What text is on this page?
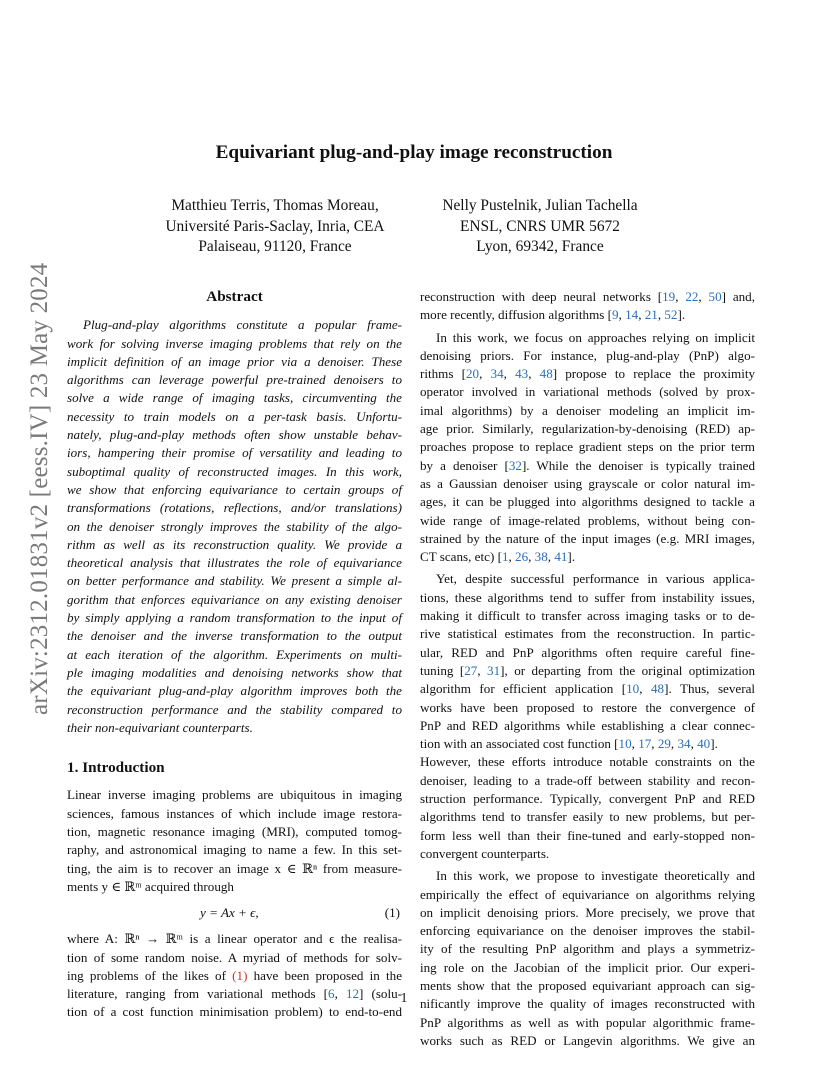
arXiv:2312.01831v2 [eess.IV] 23 May 2024
Equivariant plug-and-play image reconstruction
Matthieu Terris, Thomas Moreau,
Université Paris-Saclay, Inria, CEA
Palaiseau, 91120, France
Nelly Pustelnik, Julian Tachella
ENSL, CNRS UMR 5672
Lyon, 69342, France
Abstract
Plug-and-play algorithms constitute a popular frame-
work for solving inverse imaging problems that rely on the
implicit definition of an image prior via a denoiser. These
algorithms can leverage powerful pre-trained denoisers to
solve a wide range of imaging tasks, circumventing the
necessity to train models on a per-task basis. Unfortu-
nately, plug-and-play methods often show unstable behav-
iors, hampering their promise of versatility and leading to
suboptimal quality of reconstructed images. In this work,
we show that enforcing equivariance to certain groups of
transformations (rotations, reflections, and/or translations)
on the denoiser strongly improves the stability of the algo-
rithm as well as its reconstruction quality. We provide a
theoretical analysis that illustrates the role of equivariance
on better performance and stability. We present a simple al-
gorithm that enforces equivariance on any existing denoiser
by simply applying a random transformation to the input of
the denoiser and the inverse transformation to the output
at each iteration of the algorithm. Experiments on multi-
ple imaging modalities and denoising networks show that
the equivariant plug-and-play algorithm improves both the
reconstruction performance and the stability compared to
their non-equivariant counterparts.
1. Introduction
Linear inverse imaging problems are ubiquitous in imaging
sciences, famous instances of which include image restora-
tion, magnetic resonance imaging (MRI), computed tomog-
raphy, and astronomical imaging to name a few. In this set-
ting, the aim is to recover an image x ∈ ℝⁿ from measure-
ments y ∈ ℝᵐ acquired through
y = Ax + ϵ,	(1)
where A: ℝⁿ → ℝᵐ is a linear operator and ϵ the realisa-
tion of some random noise. A myriad of methods for solv-
ing problems of the likes of (1) have been proposed in the
literature, ranging from variational methods [6, 12] (solu-
tion of a cost function minimisation problem) to end-to-end
reconstruction with deep neural networks [19, 22, 50] and,
more recently, diffusion algorithms [9, 14, 21, 52].
In this work, we focus on approaches relying on implicit
denoising priors. For instance, plug-and-play (PnP) algo-
rithms [20, 34, 43, 48] propose to replace the proximity
operator involved in variational methods (solved by prox-
imal algorithms) by a denoiser modeling an implicit im-
age prior. Similarly, regularization-by-denoising (RED) ap-
proaches propose to replace gradient steps on the prior term
by a denoiser [32]. While the denoiser is typically trained
as a Gaussian denoiser using grayscale or color natural im-
ages, it can be plugged into algorithms designed to tackle a
wide range of image-related problems, without being con-
strained by the nature of the input images (e.g. MRI images,
CT scans, etc) [1, 26, 38, 41].
Yet, despite successful performance in various applica-
tions, these algorithms tend to suffer from instability issues,
making it difficult to transfer across imaging tasks or to de-
rive statistical estimates from the reconstruction. In partic-
ular, RED and PnP algorithms often require careful fine-
tuning [27, 31], or departing from the original optimization
algorithm for efficient application [10, 48]. Thus, several
works have been proposed to restore the convergence of
PnP and RED algorithms while establishing a clear connec-
tion with an associated cost function [10, 17, 29, 34, 40].
However, these efforts introduce notable constraints on the
denoiser, leading to a trade-off between stability and recon-
struction performance. Typically, convergent PnP and RED
algorithms tend to transfer easily to new problems, but per-
form less well than their fine-tuned and early-stopped non-
convergent counterparts.
In this work, we propose to investigate theoretically and
empirically the effect of equivariance on algorithms relying
on implicit denoising priors. More precisely, we prove that
enforcing equivariance on the denoiser improves the stabil-
ity of the resulting PnP algorithm and plays a symmetriz-
ing role on the Jacobian of the implicit prior. Our experi-
ments show that the proposed equivariant approach can sig-
nificantly improve the quality of images reconstructed with
PnP algorithms as well as with popular algorithmic frame-
works such as RED or Langevin algorithms. We give an
1
